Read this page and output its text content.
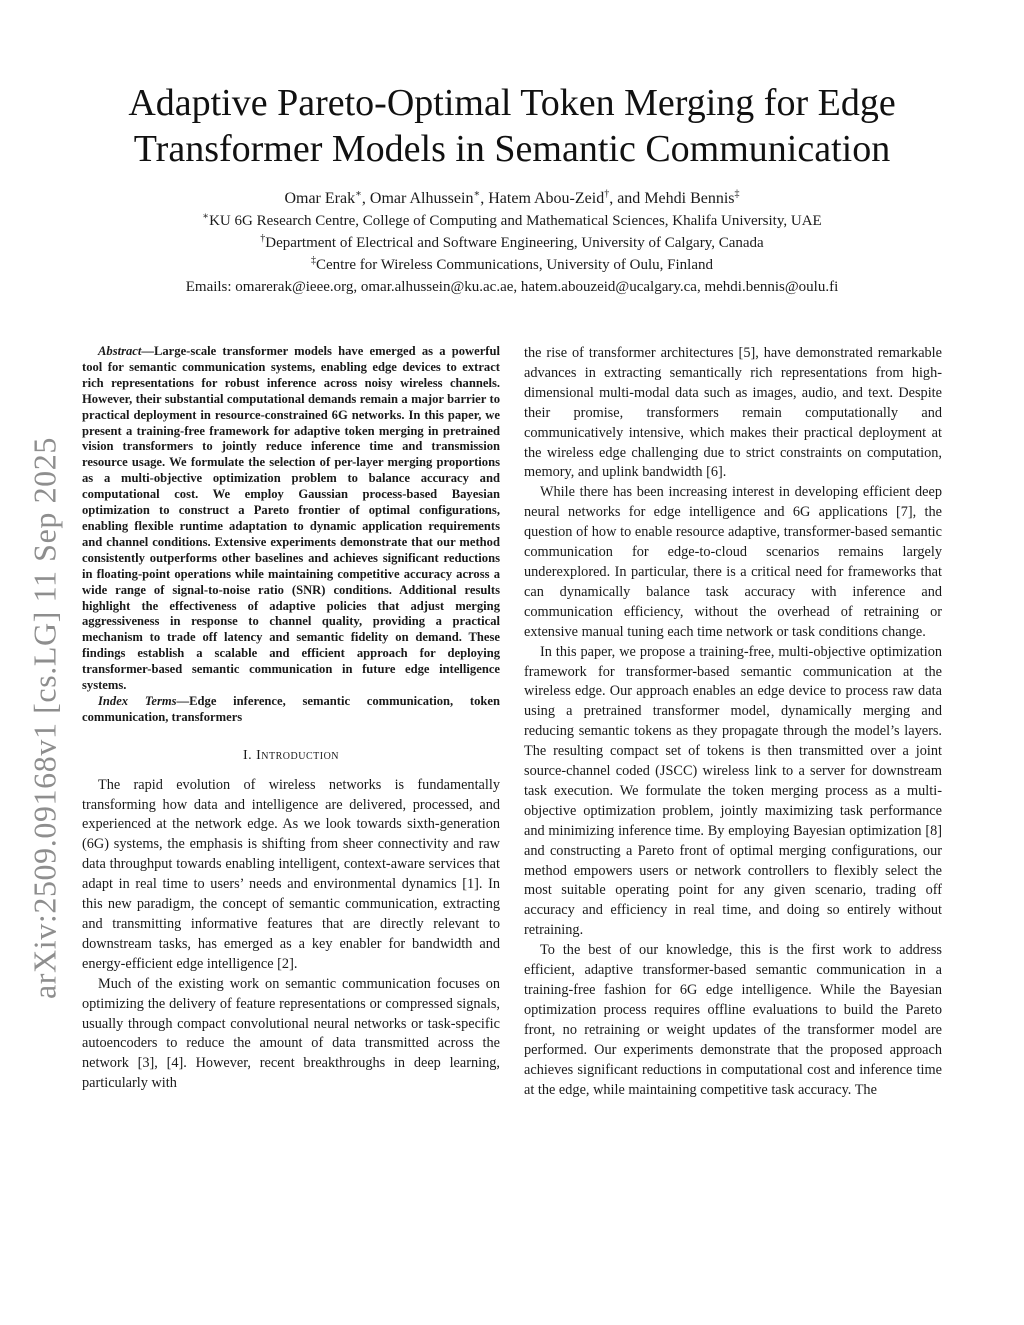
arXiv:2509.09168v1 [cs.LG] 11 Sep 2025
Adaptive Pareto-Optimal Token Merging for Edge
Transformer Models in Semantic Communication
Omar Erak∗, Omar Alhussein∗, Hatem Abou-Zeid†, and Mehdi Bennis‡
∗KU 6G Research Centre, College of Computing and Mathematical Sciences, Khalifa University, UAE
†Department of Electrical and Software Engineering, University of Calgary, Canada
‡Centre for Wireless Communications, University of Oulu, Finland
Emails: omarerak@ieee.org, omar.alhussein@ku.ac.ae, hatem.abouzeid@ucalgary.ca, mehdi.bennis@oulu.fi

Abstract—Large-scale transformer models have emerged as a powerful tool for semantic communication systems, enabling edge devices to extract rich representations for robust inference across noisy wireless channels. However, their substantial computational demands remain a major barrier to practical deployment in resource-constrained 6G networks. In this paper, we present a training-free framework for adaptive token merging in pretrained vision transformers to jointly reduce inference time and transmission resource usage. We formulate the selection of per-layer merging proportions as a multi-objective optimization problem to balance accuracy and computational cost. We employ Gaussian process-based Bayesian optimization to construct a Pareto frontier of optimal configurations, enabling flexible runtime adaptation to dynamic application requirements and channel conditions. Extensive experiments demonstrate that our method consistently outperforms other baselines and achieves significant reductions in floating-point operations while maintaining competitive accuracy across a wide range of signal-to-noise ratio (SNR) conditions. Additional results highlight the effectiveness of adaptive policies that adjust merging aggressiveness in response to channel quality, providing a practical mechanism to trade off latency and semantic fidelity on demand. These findings establish a scalable and efficient approach for deploying transformer-based semantic communication in future edge intelligence systems.

Index Terms—Edge inference, semantic communication, token communication, transformers

I. Introduction

The rapid evolution of wireless networks is fundamentally transforming how data and intelligence are delivered, processed, and experienced at the network edge. As we look towards sixth-generation (6G) systems, the emphasis is shifting from sheer connectivity and raw data throughput towards enabling intelligent, context-aware services that adapt in real time to users’ needs and environmental dynamics [1]. In this new paradigm, the concept of semantic communication, extracting and transmitting informative features that are directly relevant to downstream tasks, has emerged as a key enabler for bandwidth and energy-efficient edge intelligence [2].

Much of the existing work on semantic communication focuses on optimizing the delivery of feature representations or compressed signals, usually through compact convolutional neural networks or task-specific autoencoders to reduce the amount of data transmitted across the network [3], [4]. However, recent breakthroughs in deep learning, particularly with

the rise of transformer architectures [5], have demonstrated remarkable advances in extracting semantically rich representations from high-dimensional multi-modal data such as images, audio, and text. Despite their promise, transformers remain computationally and communicatively intensive, which makes their practical deployment at the wireless edge challenging due to strict constraints on computation, memory, and uplink bandwidth [6].

While there has been increasing interest in developing efficient deep neural networks for edge intelligence and 6G applications [7], the question of how to enable resource adaptive, transformer-based semantic communication for edge-to-cloud scenarios remains largely underexplored. In particular, there is a critical need for frameworks that can dynamically balance task accuracy with inference and communication efficiency, without the overhead of retraining or extensive manual tuning each time network or task conditions change.

In this paper, we propose a training-free, multi-objective optimization framework for transformer-based semantic communication at the wireless edge. Our approach enables an edge device to process raw data using a pretrained transformer model, dynamically merging and reducing semantic tokens as they propagate through the model’s layers. The resulting compact set of tokens is then transmitted over a joint source-channel coded (JSCC) wireless link to a server for downstream task execution. We formulate the token merging process as a multi-objective optimization problem, jointly maximizing task performance and minimizing inference time. By employing Bayesian optimization [8] and constructing a Pareto front of optimal merging configurations, our method empowers users or network controllers to flexibly select the most suitable operating point for any given scenario, trading off accuracy and efficiency in real time, and doing so entirely without retraining.

To the best of our knowledge, this is the first work to address efficient, adaptive transformer-based semantic communication in a training-free fashion for 6G edge intelligence. While the Bayesian optimization process requires offline evaluations to build the Pareto front, no retraining or weight updates of the transformer model are performed. Our experiments demonstrate that the proposed approach achieves significant reductions in computational cost and inference time at the edge, while maintaining competitive task accuracy. The
